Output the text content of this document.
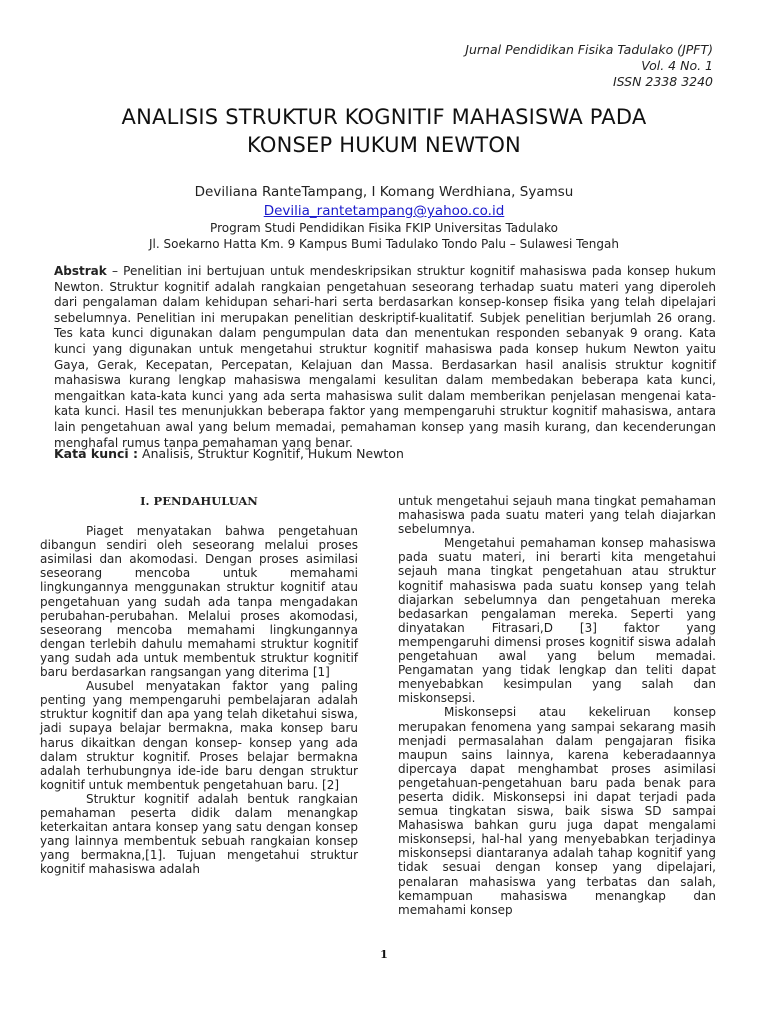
Jurnal Pendidikan Fisika Tadulako (JPFT)
Vol. 4 No. 1
ISSN 2338 3240
ANALISIS STRUKTUR KOGNITIF MAHASISWA PADA
KONSEP HUKUM NEWTON
Deviliana RanteTampang, I Komang Werdhiana, Syamsu
Devilia_rantetampang@yahoo.co.id
Program Studi Pendidikan Fisika FKIP Universitas Tadulako
Jl. Soekarno Hatta Km. 9 Kampus Bumi Tadulako Tondo Palu – Sulawesi Tengah
Abstrak – Penelitian ini bertujuan untuk mendeskripsikan struktur kognitif mahasiswa pada konsep hukum Newton. Struktur kognitif adalah rangkaian pengetahuan seseorang terhadap suatu materi yang diperoleh dari pengalaman dalam kehidupan sehari-hari serta berdasarkan konsep-konsep fisika yang telah dipelajari sebelumnya. Penelitian ini merupakan penelitian deskriptif-kualitatif. Subjek penelitian berjumlah 26 orang. Tes kata kunci digunakan dalam pengumpulan data dan menentukan responden sebanyak 9 orang. Kata kunci yang digunakan untuk mengetahui struktur kognitif mahasiswa pada konsep hukum Newton yaitu Gaya, Gerak, Kecepatan, Percepatan, Kelajuan dan Massa. Berdasarkan hasil analisis struktur kognitif mahasiswa kurang lengkap mahasiswa mengalami kesulitan dalam membedakan beberapa kata kunci, mengaitkan kata-kata kunci yang ada serta mahasiswa sulit dalam memberikan penjelasan mengenai kata-kata kunci. Hasil tes menunjukkan beberapa faktor yang mempengaruhi struktur kognitif mahasiswa, antara lain pengetahuan awal yang belum memadai, pemahaman konsep yang masih kurang, dan kecenderungan menghafal rumus tanpa pemahaman yang benar.
Kata kunci : Analisis, Struktur Kognitif, Hukum Newton
I. PENDAHULUAN

Piaget menyatakan bahwa pengetahuan dibangun sendiri oleh seseorang melalui proses asimilasi dan akomodasi. Dengan proses asimilasi seseorang mencoba untuk memahami lingkungannya menggunakan struktur kognitif atau pengetahuan yang sudah ada tanpa mengadakan perubahan-perubahan. Melalui proses akomodasi, seseorang mencoba memahami lingkungannya dengan terlebih dahulu memahami struktur kognitif yang sudah ada untuk membentuk struktur kognitif baru berdasarkan rangsangan yang diterima [1]

Ausubel menyatakan faktor yang paling penting yang mempengaruhi pembelajaran adalah struktur kognitif dan apa yang telah diketahui siswa, jadi supaya belajar bermakna, maka konsep baru harus dikaitkan dengan konsep- konsep yang ada dalam struktur kognitif. Proses belajar bermakna adalah terhubungnya ide-ide baru dengan struktur kognitif untuk membentuk pengetahuan baru. [2]

Struktur kognitif adalah bentuk rangkaian pemahaman peserta didik dalam menangkap keterkaitan antara konsep yang satu dengan konsep yang lainnya membentuk sebuah rangkaian konsep yang bermakna,[1]. Tujuan mengetahui struktur kognitif mahasiswa adalah

untuk mengetahui sejauh mana tingkat pemahaman mahasiswa pada suatu materi yang telah diajarkan sebelumnya.

Mengetahui pemahaman konsep mahasiswa pada suatu materi, ini berarti kita mengetahui sejauh mana tingkat pengetahuan atau struktur kognitif mahasiswa pada suatu konsep yang telah diajarkan sebelumnya dan pengetahuan mereka bedasarkan pengalaman mereka. Seperti yang dinyatakan Fitrasari,D [3] faktor yang mempengaruhi dimensi proses kognitif siswa adalah pengetahuan awal yang belum memadai. Pengamatan yang tidak lengkap dan teliti dapat menyebabkan kesimpulan yang salah dan miskonsepsi.

Miskonsepsi atau kekeliruan konsep merupakan fenomena yang sampai sekarang masih menjadi permasalahan dalam pengajaran fisika maupun sains lainnya, karena keberadaannya dipercaya dapat menghambat proses asimilasi pengetahuan-pengetahuan baru pada benak para peserta didik. Miskonsepsi ini dapat terjadi pada semua tingkatan siswa, baik siswa SD sampai Mahasiswa bahkan guru juga dapat mengalami miskonsepsi, hal-hal yang menyebabkan terjadinya miskonsepsi diantaranya adalah tahap kognitif yang tidak sesuai dengan konsep yang dipelajari, penalaran mahasiswa yang terbatas dan salah, kemampuan mahasiswa menangkap dan memahami konsep

1
